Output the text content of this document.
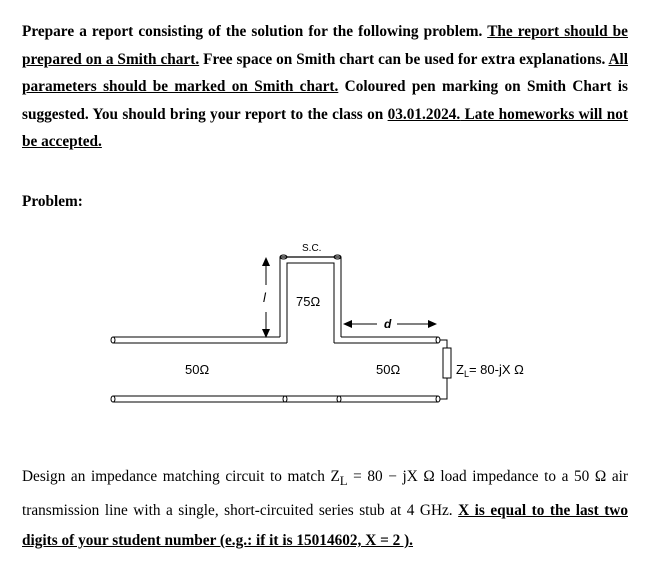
Prepare a report consisting of the solution for the following problem. The report should be prepared on a Smith chart. Free space on Smith chart can be used for extra explanations. All parameters should be marked on Smith chart. Coloured pen marking on Smith Chart is suggested. You should bring your report to the class on 03.01.2024. Late homeworks will not be accepted.

Problem:

S.C.
l 75Ω
d
50Ω	50Ω	$Z_L= 80-jX$ Ω

Design an impedance matching circuit to match $Z_L = 80$ − jX Ω load impedance to a 50 Ω air transmission line with a single, short-circuited series stub at 4 GHz. X is equal to the last two digits of your student number (e.g.: if it is 15014602, X = 2 ).
